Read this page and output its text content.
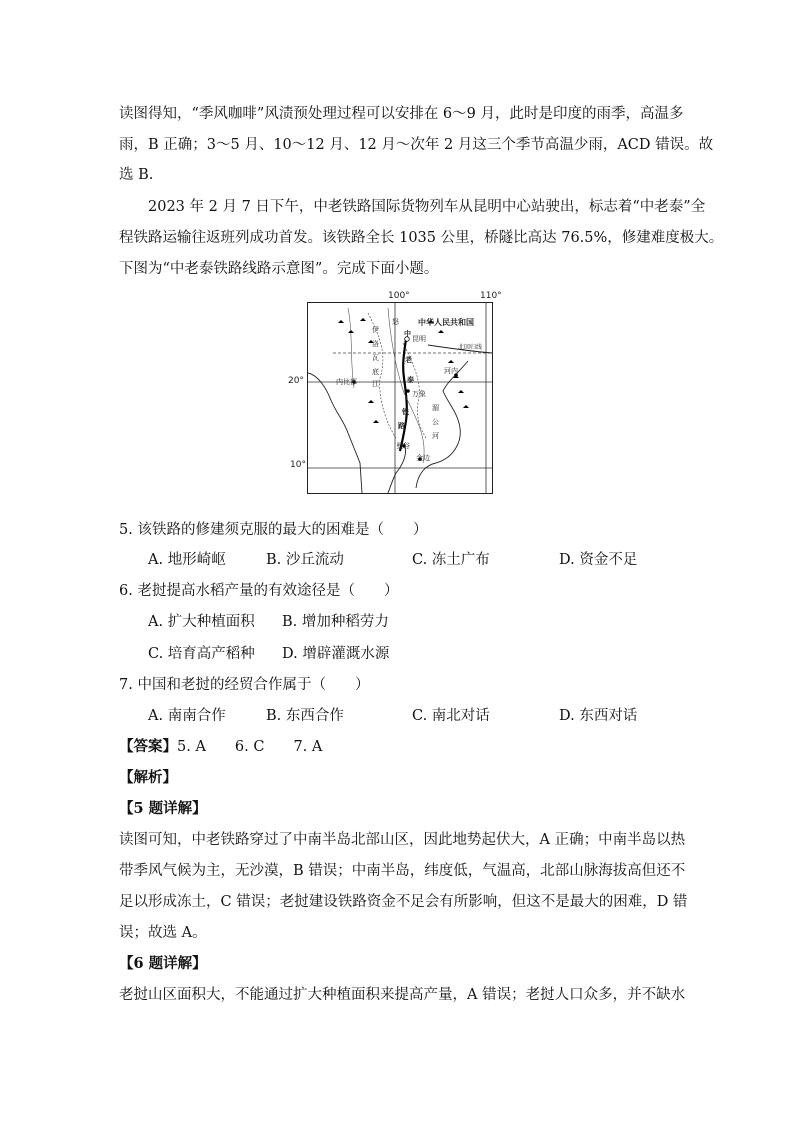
读图得知，“季风咖啡”风渍预处理过程可以安排在 6～9 月，此时是印度的雨季，高温多
雨，B 正确；3～5 月、10～12 月、12 月～次年 2 月这三个季节高温少雨，ACD 错误。故
选 B.
2023 年 2 月 7 日下午，中老铁路国际货物列车从昆明中心站驶出，标志着“中老泰”全
程铁路运输往返班列成功首发。该铁路全长 1035 公里，桥隧比高达 76.5%，修建难度极大。
下图为“中老泰铁路线路示意图”。完成下面小题。
100°	110°
20°
10°
中华人民共和国
昆明
北回归线
中
老
泰
铁
路
万象
曼谷
金边
河内
内比都
伊
洛
瓦
底
江
湄
公
河
怒
5. 该铁路的修建须克服的最大的困难是（　　）
A. 地形崎岖	B. 沙丘流动	C. 冻土广布	D. 资金不足
6. 老挝提高水稻产量的有效途径是（　　）
A. 扩大种植面积 B. 增加种稻劳力
C. 培育高产稻种 D. 增辟灌溉水源
7. 中国和老挝的经贸合作属于（　　）
A. 南南合作	B. 东西合作	C. 南北对话	D. 东西对话
【答案】5. A　　6. C　　7. A
【解析】
【5 题详解】
读图可知，中老铁路穿过了中南半岛北部山区，因此地势起伏大，A 正确；中南半岛以热
带季风气候为主，无沙漠，B 错误；中南半岛，纬度低，气温高，北部山脉海拔高但还不
足以形成冻土，C 错误；老挝建设铁路资金不足会有所影响，但这不是最大的困难，D 错
误；故选 A。
【6 题详解】
老挝山区面积大，不能通过扩大种植面积来提高产量，A 错误；老挝人口众多，并不缺水
